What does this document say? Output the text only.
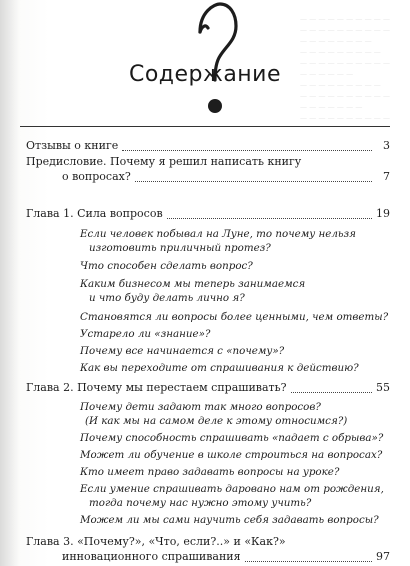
— — — — — — — — — —
— — — — — — — — — —
— — — — — — — —
— — — — — — — — —
— — — — — — — — — —
— — — — — —
— — — — — — — — —
— — — — — — — — — —
— — — — — — —
— — — — — — — — — —
Содержание
Отзывы о книге	3
Предисловие. Почему я решил написать книгу
о вопросах?	7
Глава 1. Сила вопросов	19
Если человек побывал на Луне, то почему нельзя
изготовить приличный протез?
Что способен сделать вопрос?
Каким бизнесом мы теперь занимаемся
и что буду делать лично я?
Становятся ли вопросы более ценными, чем ответы?
Устарело ли «знание»?
Почему все начинается с «почему»?
Как вы переходите от спрашивания к действию?
Глава 2. Почему мы перестаем спрашивать?	55
Почему дети задают так много вопросов?
(И как мы на самом деле к этому относимся?)
Почему способность спрашивать «падает с обрыва»?
Может ли обучение в школе строиться на вопросах?
Кто имеет право задавать вопросы на уроке?
Если умение спрашивать даровано нам от рождения,
тогда почему нас нужно этому учить?
Можем ли мы сами научить себя задавать вопросы?
Глава 3. «Почему?», «Что, если?..» и «Как?»
инновационного спрашивания	97
